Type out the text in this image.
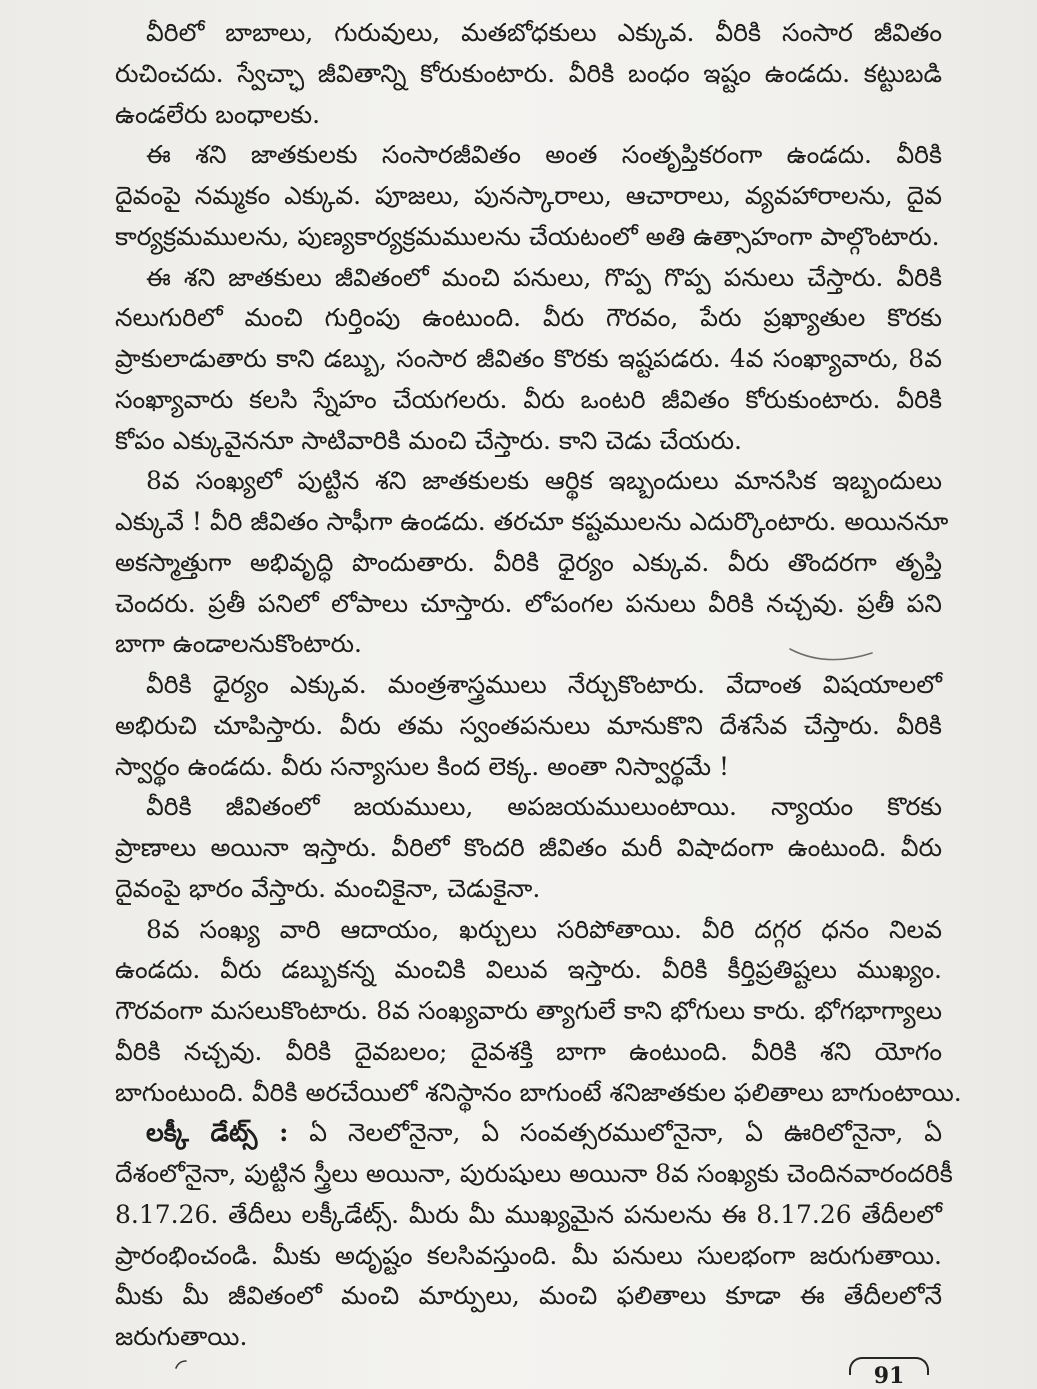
వీరిలో బాబాలు, గురువులు, మతబోధకులు ఎక్కువ. వీరికి సంసార జీవితం
రుచించదు. స్వేచ్ఛా జీవితాన్ని కోరుకుంటారు. వీరికి బంధం ఇష్టం ఉండదు. కట్టుబడి
ఉండలేరు బంధాలకు.
ఈ శని జాతకులకు సంసారజీవితం అంత సంతృప్తికరంగా ఉండదు. వీరికి
దైవంపై నమ్మకం ఎక్కువ. పూజలు, పునస్కారాలు, ఆచారాలు, వ్యవహారాలను, దైవ
కార్యక్రమములను, పుణ్యకార్యక్రమములను చేయటంలో అతి ఉత్సాహంగా పాల్గొంటారు.
ఈ శని జాతకులు జీవితంలో మంచి పనులు, గొప్ప గొప్ప పనులు చేస్తారు. వీరికి
నలుగురిలో మంచి గుర్తింపు ఉంటుంది. వీరు గౌరవం, పేరు ప్రఖ్యాతుల కొరకు
ప్రాకులాడుతారు కాని డబ్బు, సంసార జీవితం కొరకు ఇష్టపడరు. 4వ సంఖ్యావారు, 8వ
సంఖ్యావారు కలసి స్నేహం చేయగలరు. వీరు ఒంటరి జీవితం కోరుకుంటారు. వీరికి
కోపం ఎక్కువైననూ సాటివారికి మంచి చేస్తారు. కాని చెడు చేయరు.
8వ సంఖ్యలో పుట్టిన శని జాతకులకు ఆర్థిక ఇబ్బందులు మానసిక ఇబ్బందులు
ఎక్కువే ! వీరి జీవితం సాఫీగా ఉండదు. తరచూ కష్టములను ఎదుర్కొంటారు. అయిననూ
అకస్మాత్తుగా అభివృద్ధి పొందుతారు. వీరికి ధైర్యం ఎక్కువ. వీరు తొందరగా తృప్తి
చెందరు. ప్రతీ పనిలో లోపాలు చూస్తారు. లోపంగల పనులు వీరికి నచ్చవు. ప్రతీ పని
బాగా ఉండాలనుకొంటారు.
వీరికి ధైర్యం ఎక్కువ. మంత్రశాస్త్రములు నేర్చుకొంటారు. వేదాంత విషయాలలో
అభిరుచి చూపిస్తారు. వీరు తమ స్వంతపనులు మానుకొని దేశసేవ చేస్తారు. వీరికి
స్వార్థం ఉండదు. వీరు సన్యాసుల కింద లెక్క. అంతా నిస్వార్థమే !
వీరికి జీవితంలో జయములు, అపజయములుంటాయి. న్యాయం కొరకు
ప్రాణాలు అయినా ఇస్తారు. వీరిలో కొందరి జీవితం మరీ విషాదంగా ఉంటుంది. వీరు
దైవంపై భారం వేస్తారు. మంచికైనా, చెడుకైనా.
8వ సంఖ్య వారి ఆదాయం, ఖర్చులు సరిపోతాయి. వీరి దగ్గర ధనం నిలవ
ఉండదు. వీరు డబ్బుకన్న మంచికి విలువ ఇస్తారు. వీరికి కీర్తిప్రతిష్టలు ముఖ్యం.
గౌరవంగా మసలుకొంటారు. 8వ సంఖ్యవారు త్యాగులే కాని భోగులు కారు. భోగభాగ్యాలు
వీరికి నచ్చవు. వీరికి దైవబలం; దైవశక్తి బాగా ఉంటుంది. వీరికి శని యోగం
బాగుంటుంది. వీరికి అరచేయిలో శనిస్థానం బాగుంటే శనిజాతకుల ఫలితాలు బాగుంటాయి.
లక్కీ డేట్స్ : ఏ నెలలోనైనా, ఏ సంవత్సరములోనైనా, ఏ ఊరిలోనైనా, ఏ
దేశంలోనైనా, పుట్టిన స్త్రీలు అయినా, పురుషులు అయినా 8వ సంఖ్యకు చెందినవారందరికీ
8.17.26. తేదీలు లక్కీడేట్స్. మీరు మీ ముఖ్యమైన పనులను ఈ 8.17.26 తేదీలలో
ప్రారంభించండి. మీకు అదృష్టం కలసివస్తుంది. మీ పనులు సులభంగా జరుగుతాయి.
మీకు మీ జీవితంలో మంచి మార్పులు, మంచి ఫలితాలు కూడా ఈ తేదీలలోనే
జరుగుతాయి.
91
